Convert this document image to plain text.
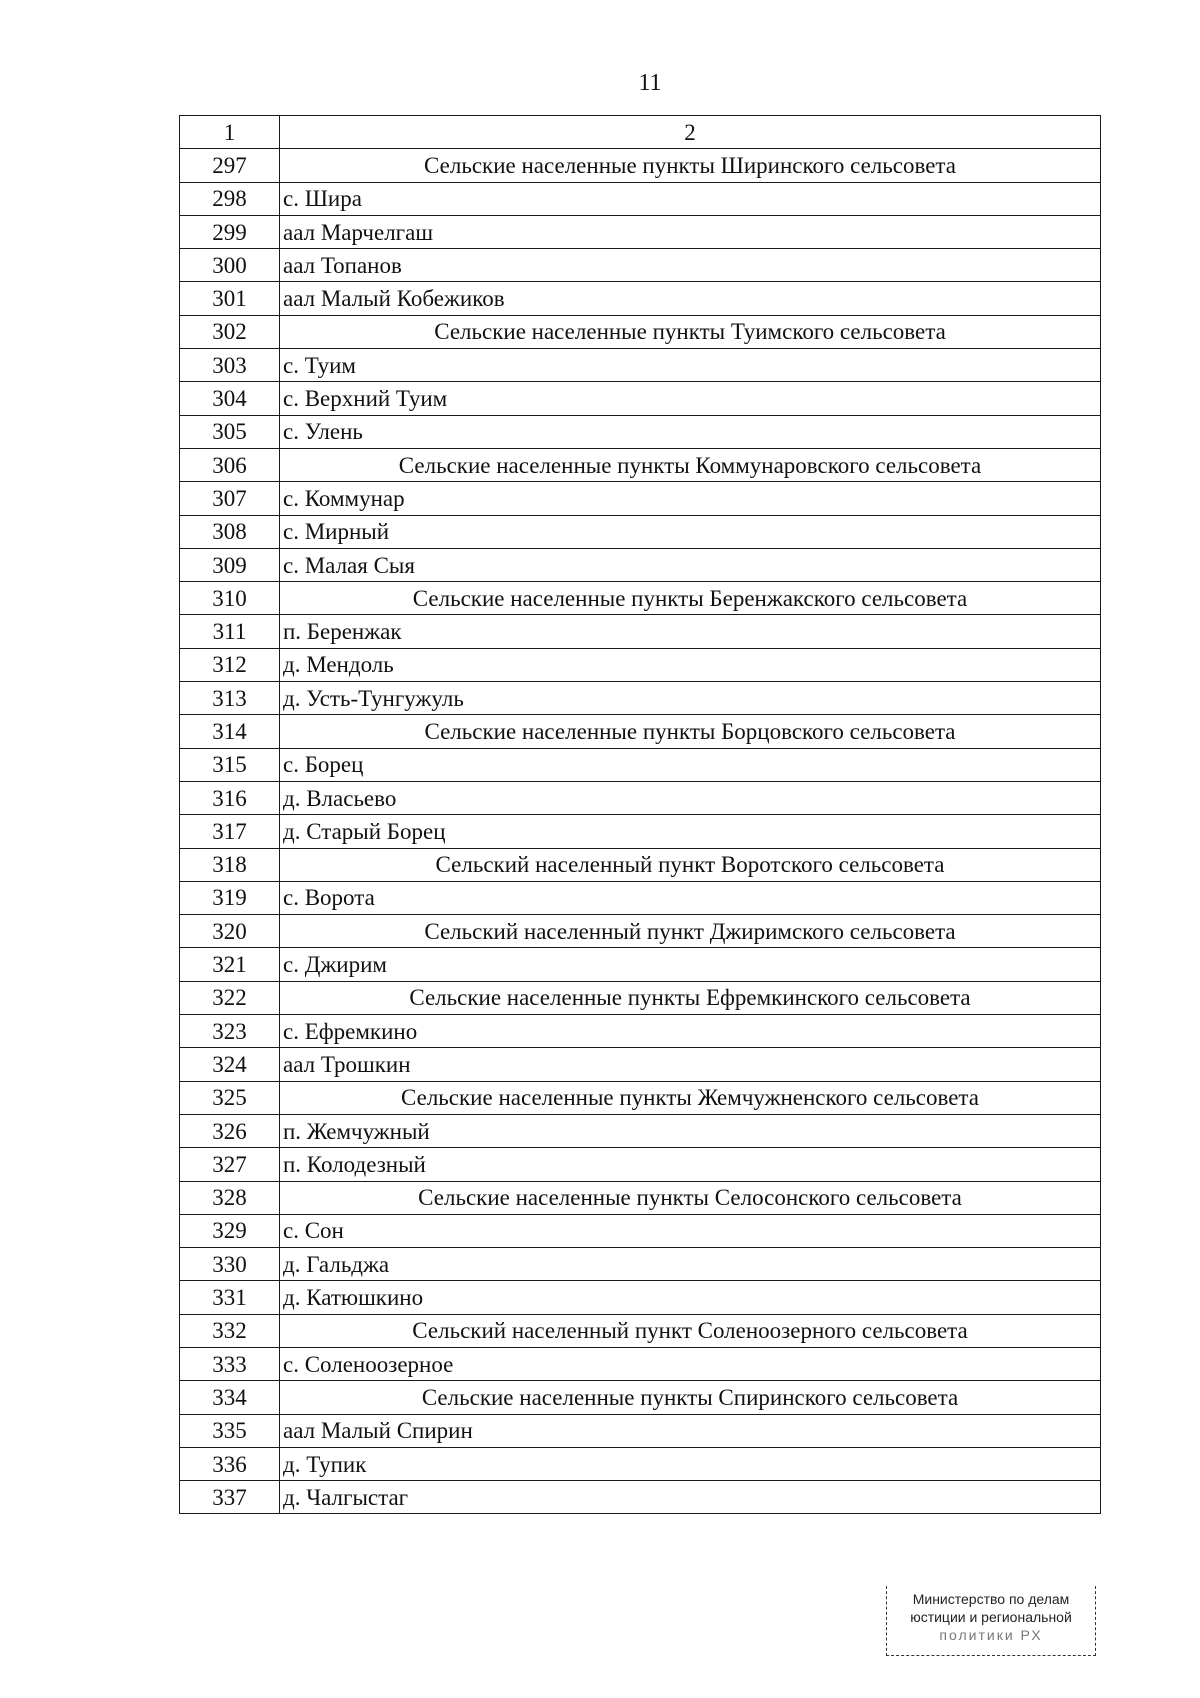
11
1	2
297	Сельские населенные пункты Ширинского сельсовета
298	с. Шира
299	аал Марчелгаш
300	аал Топанов
301	аал Малый Кобежиков
302	Сельские населенные пункты Туимского сельсовета
303	с. Туим
304	с. Верхний Туим
305	с. Улень
306	Сельские населенные пункты Коммунаровского сельсовета
307	с. Коммунар
308	с. Мирный
309	с. Малая Сыя
310	Сельские населенные пункты Беренжакского сельсовета
311	п. Беренжак
312	д. Мендоль
313	д. Усть-Тунгужуль
314	Сельские населенные пункты Борцовского сельсовета
315	с. Борец
316	д. Власьево
317	д. Старый Борец
318	Сельский населенный пункт Воротского сельсовета
319	с. Ворота
320	Сельский населенный пункт Джиримского сельсовета
321	с. Джирим
322	Сельские населенные пункты Ефремкинского сельсовета
323	с. Ефремкино
324	аал Трошкин
325	Сельские населенные пункты Жемчужненского сельсовета
326	п. Жемчужный
327	п. Колодезный
328	Сельские населенные пункты Селосонского сельсовета
329	с. Сон
330	д. Гальджа
331	д. Катюшкино
332	Сельский населенный пункт Соленоозерного сельсовета
333	с. Соленоозерное
334	Сельские населенные пункты Спиринского сельсовета
335	аал Малый Спирин
336	д. Тупик
337	д. Чалгыстаг
Министерство по делам
юстиции и региональной
политики РХ
